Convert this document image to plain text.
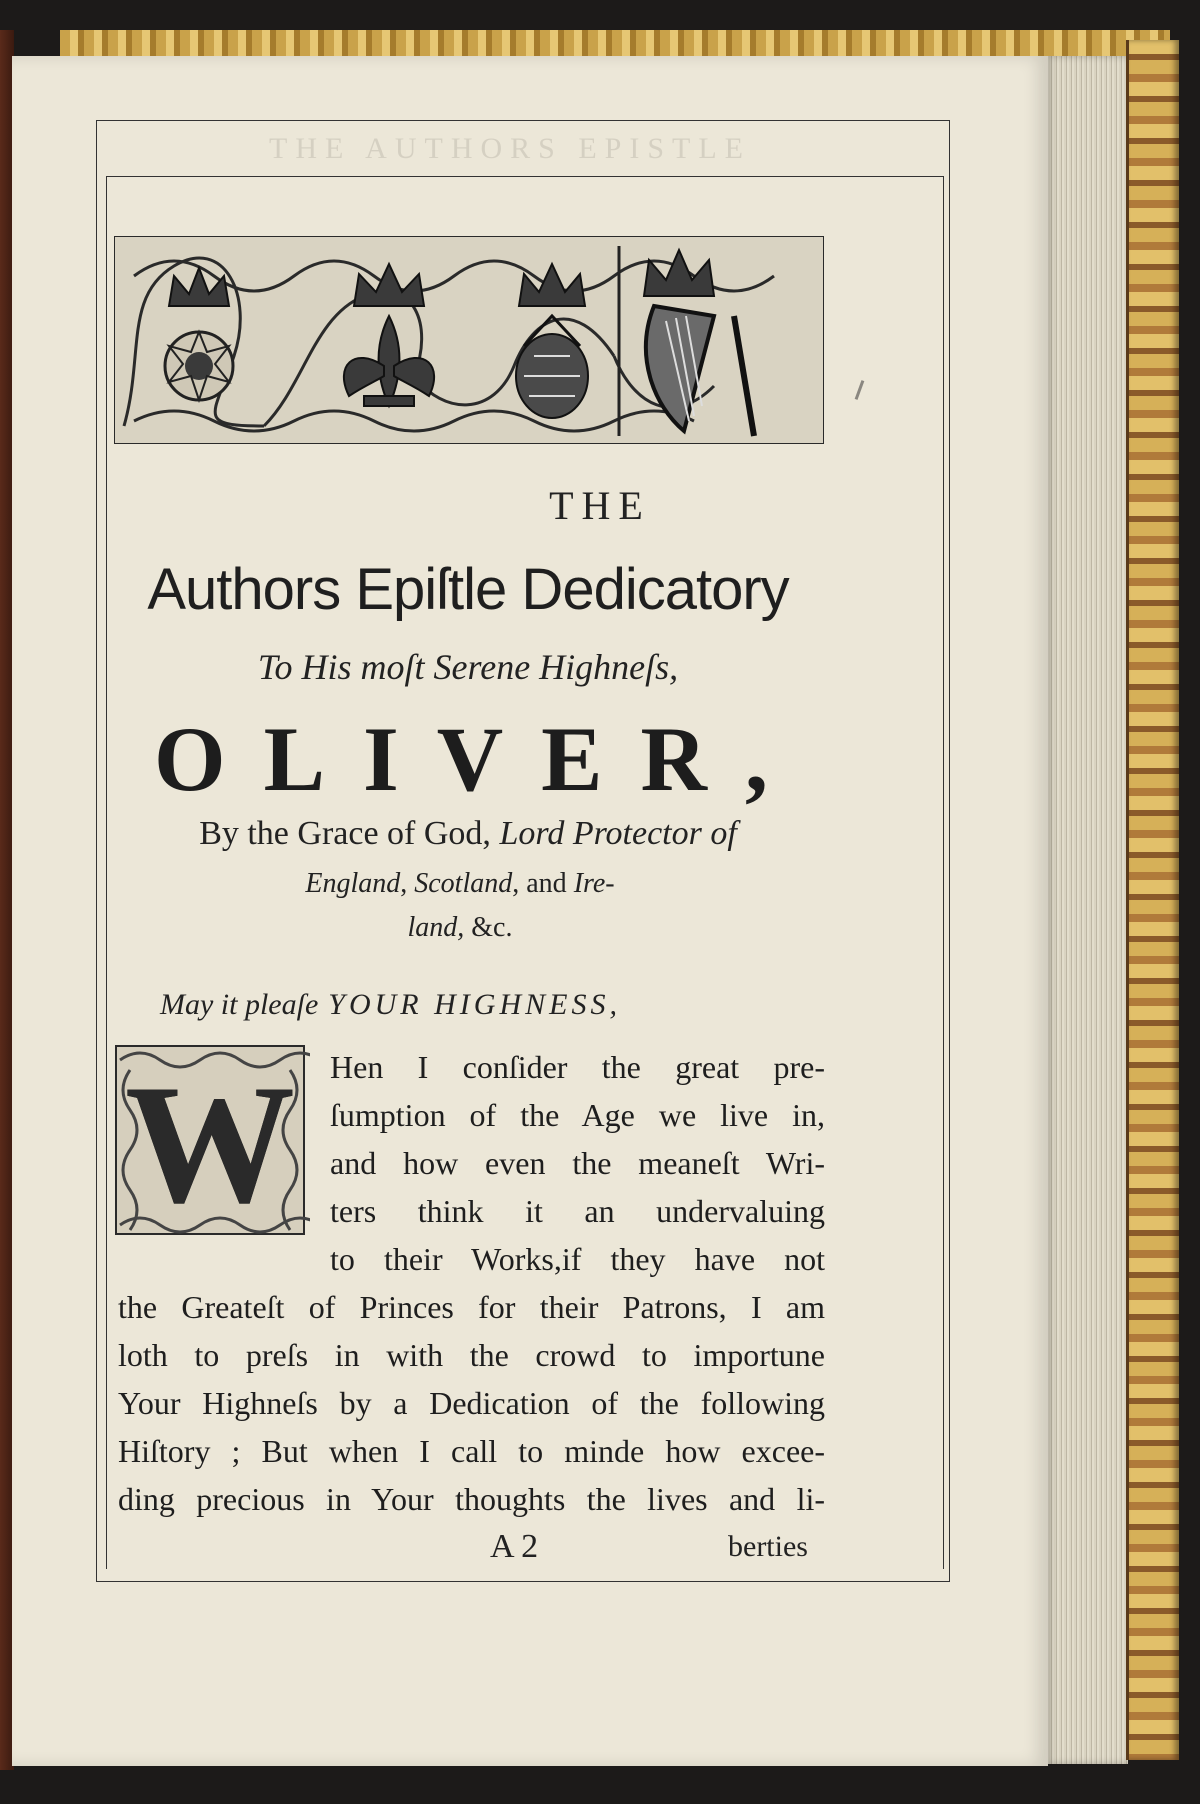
THE AUTHORS EPISTLE
THE
Authors Epiſtle Dedicatory
To His moſt Serene Highneſs,
OLIVER,
By the Grace of God, Lord Protector of
England, Scotland, and Ire-
land, &c.
May it pleaſe YOUR HIGHNESS,
W	Hen I conſider the great pre-
ſumption of the Age we live in,
and how even the meaneſt Wri-
ters think it an undervaluing
to their Works,if they have not
the Greateſt of Princes for their Patrons, I am
loth to preſs in with the crowd to importune
Your Highneſs by a Dedication of the following
Hiſtory ; But when I call to minde how excee-
ding precious in Your thoughts the lives and li-
A 2	berties
